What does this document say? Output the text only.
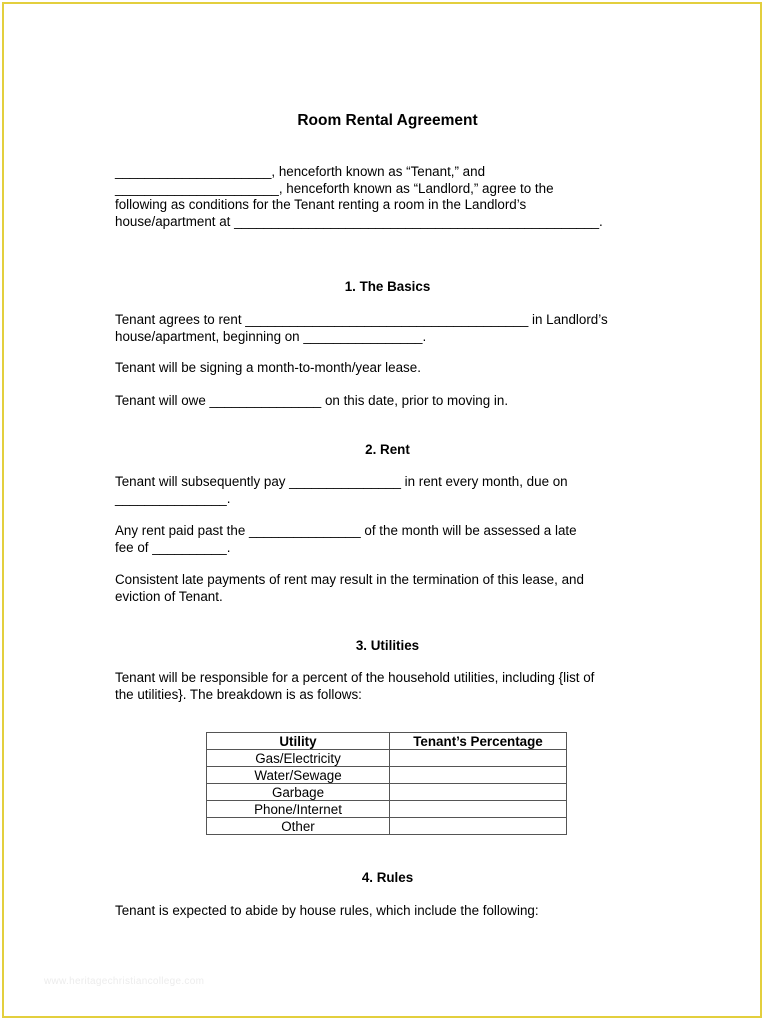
Room Rental Agreement

_____________________, henceforth known as “Tenant,” and

______________________, henceforth known as “Landlord,” agree to the

following as conditions for the Tenant renting a room in the Landlord’s

house/apartment at _________________________________________________.

1. The Basics

Tenant agrees to rent ______________________________________ in Landlord’s

house/apartment, beginning on ________________.

Tenant will be signing a month-to-month/year lease.

Tenant will owe _______________ on this date, prior to moving in.

2. Rent

Tenant will subsequently pay _______________ in rent every month, due on

_______________.

Any rent paid past the _______________ of the month will be assessed a late

fee of __________.

Consistent late payments of rent may result in the termination of this lease, and

eviction of Tenant.

3. Utilities

Tenant will be responsible for a percent of the household utilities, including {list of

the utilities}. The breakdown is as follows:

Utility	Tenant’s Percentage
Gas/Electricity	
Water/Sewage	
Garbage	
Phone/Internet	
Other	
4. Rules

Tenant is expected to abide by house rules, which include the following:

www.heritagechristiancollege.com
